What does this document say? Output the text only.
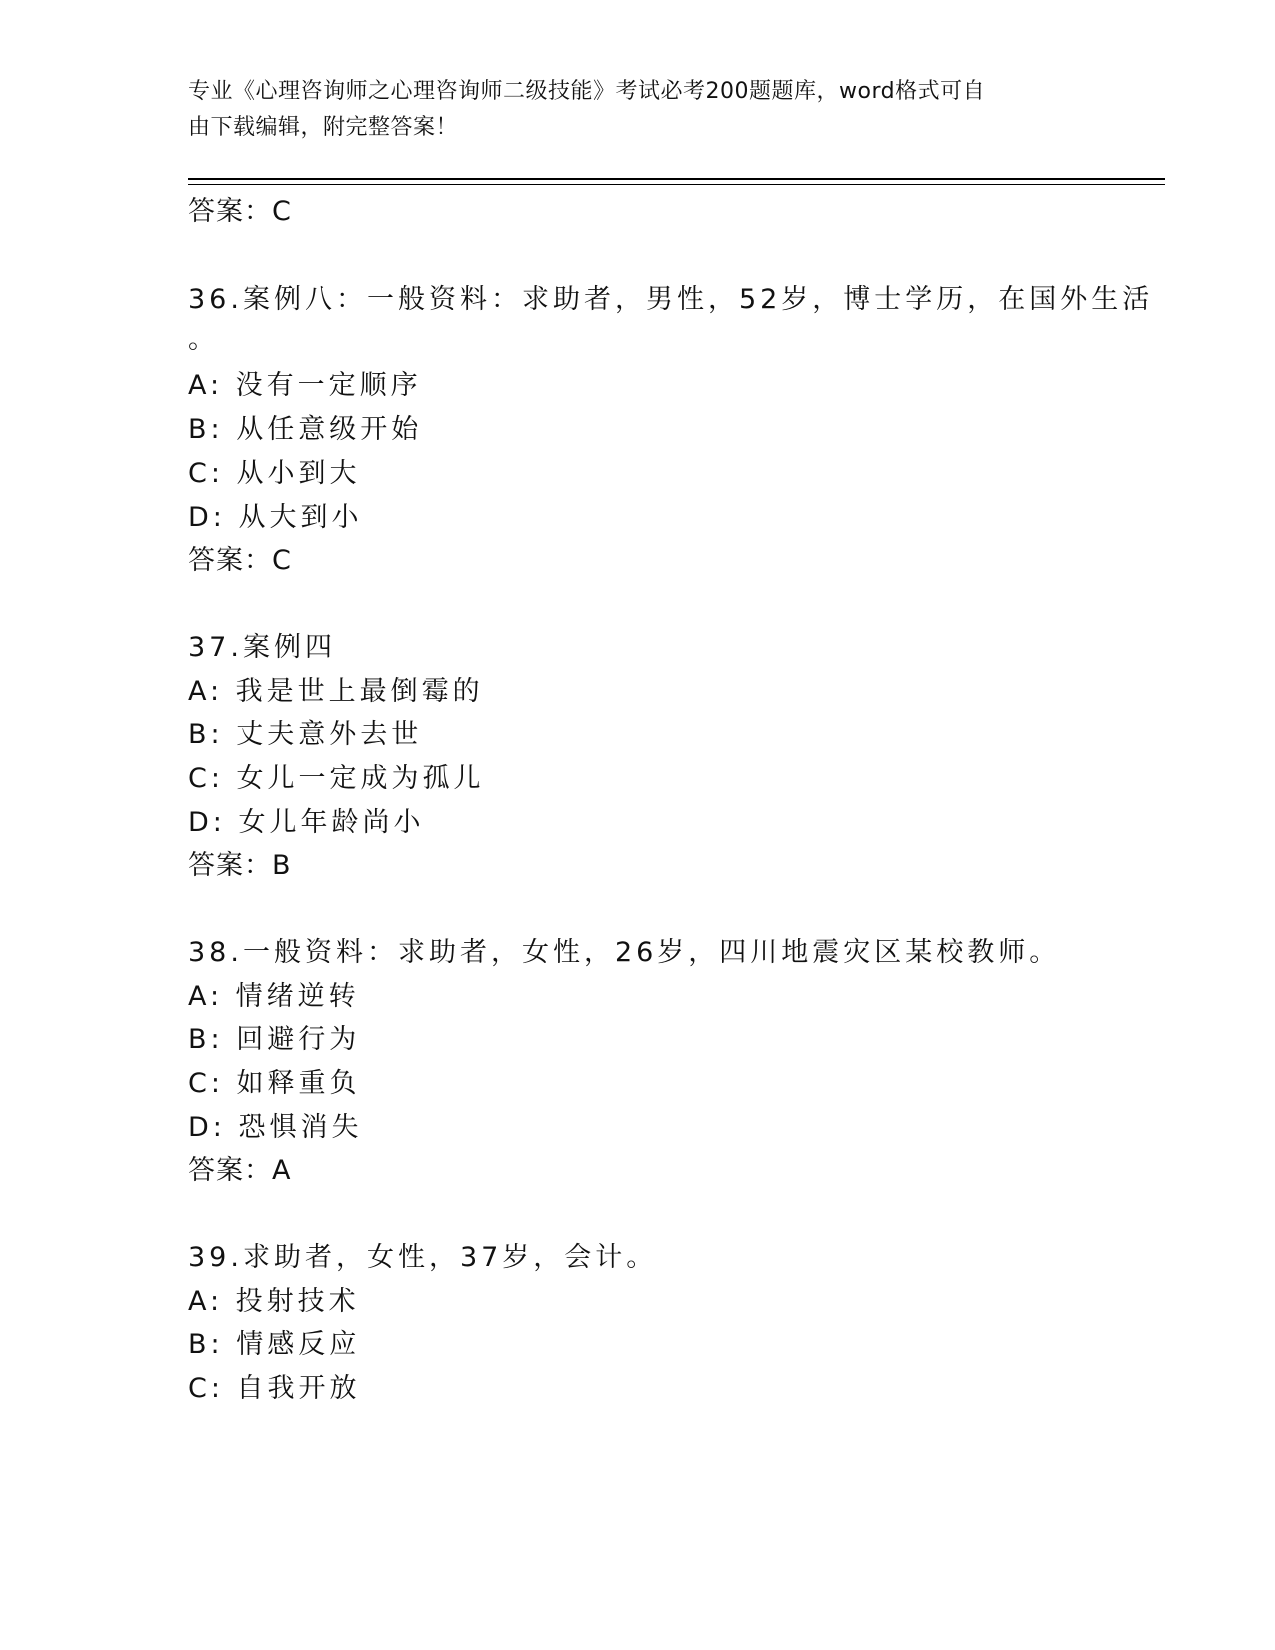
专业《心理咨询师之心理咨询师二级技能》考试必考200题题库，word格式可自
由下载编辑，附完整答案！
答案：C
36.案例八：一般资料：求助者，男性，52岁，博士学历，在国外生活
。
A: 没有一定顺序
B: 从任意级开始
C: 从小到大
D: 从大到小
答案：C
37.案例四
A: 我是世上最倒霉的
B: 丈夫意外去世
C: 女儿一定成为孤儿
D: 女儿年龄尚小
答案：B
38.一般资料：求助者，女性，26岁，四川地震灾区某校教师。
A: 情绪逆转
B: 回避行为
C: 如释重负
D: 恐惧消失
答案：A
39.求助者，女性，37岁，会计。
A: 投射技术
B: 情感反应
C: 自我开放
